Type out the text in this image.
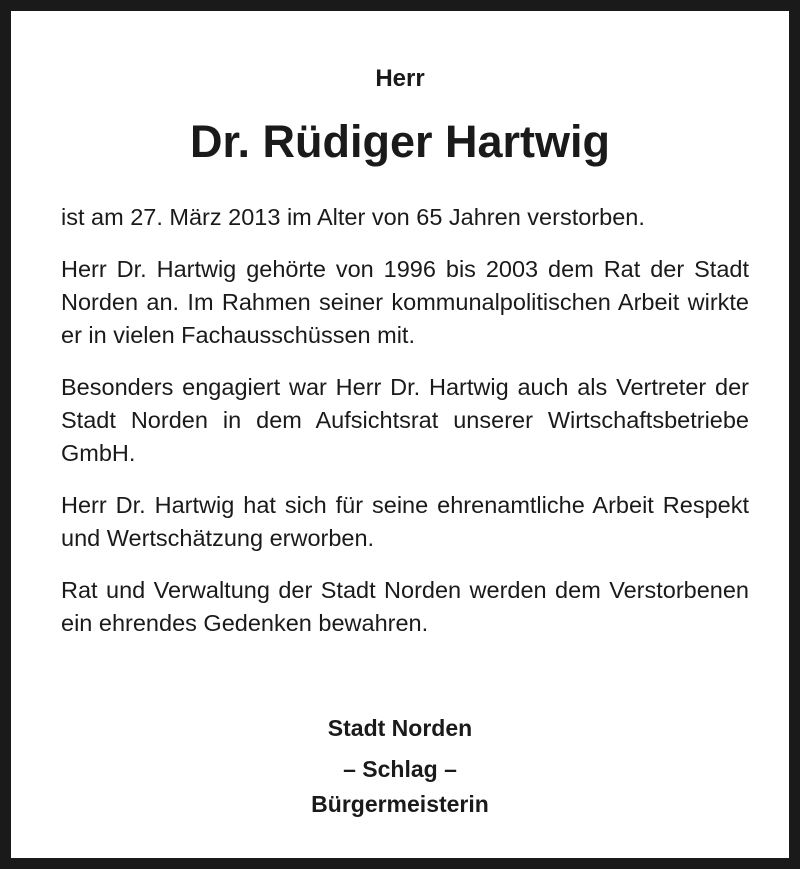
Herr
Dr. Rüdiger Hartwig

ist am 27. März 2013 im Alter von 65 Jahren verstorben.

Herr Dr. Hartwig gehörte von 1996 bis 2003 dem Rat der Stadt Norden an. Im Rahmen seiner kommunalpolitischen Arbeit wirkte er in vielen Fachausschüssen mit.

Besonders engagiert war Herr Dr. Hartwig auch als Vertreter der Stadt Norden in dem Aufsichtsrat unserer Wirtschaftsbetriebe GmbH.

Herr Dr. Hartwig hat sich für seine ehrenamtliche Arbeit Respekt und Wertschätzung erworben.

Rat und Verwaltung der Stadt Norden werden dem Verstorbenen ein ehrendes Gedenken bewahren.

Stadt Norden
– Schlag –
Bürgermeisterin
